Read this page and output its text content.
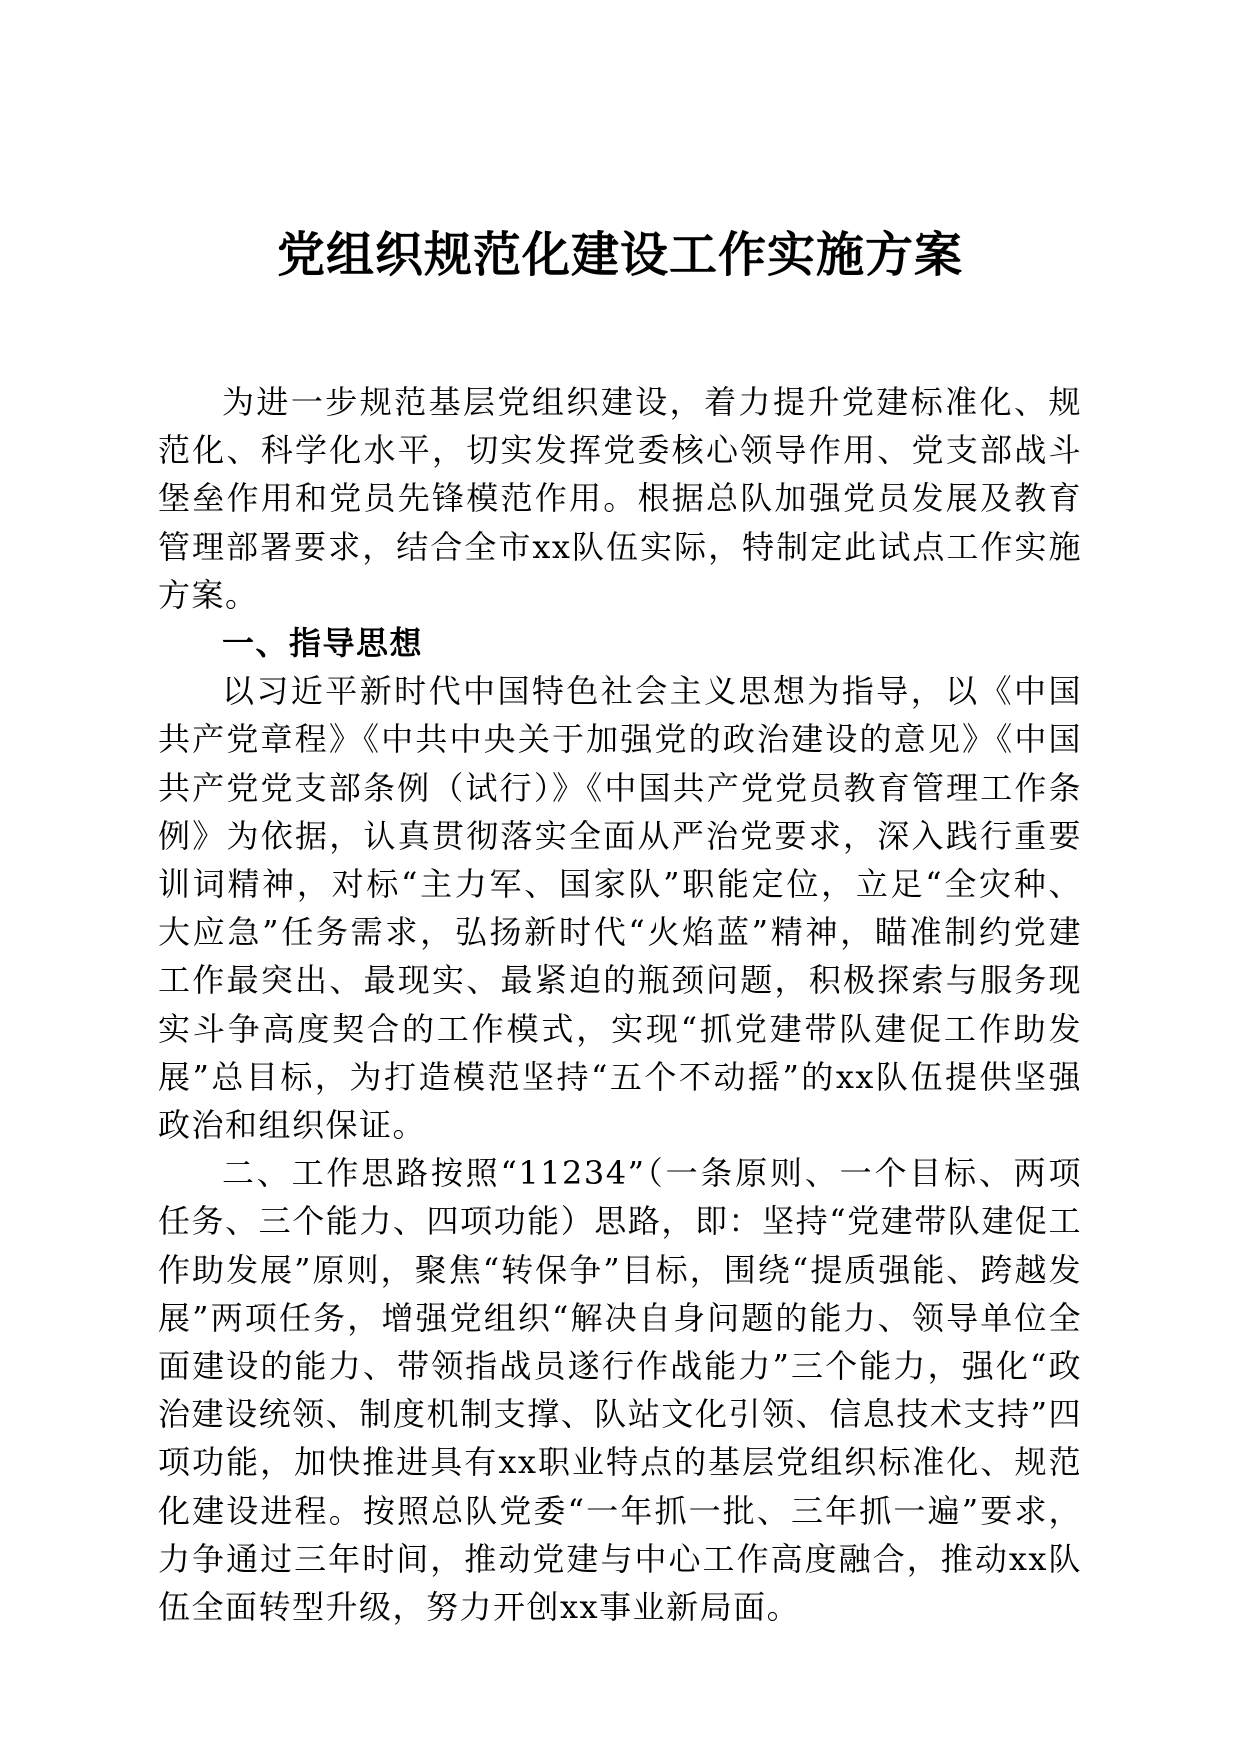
党组织规范化建设工作实施方案

为进一步规范基层党组织建设，着力提升党建标准化、规范化、科学化水平，切实发挥党委核心领导作用、党支部战斗堡垒作用和党员先锋模范作用。根据总队加强党员发展及教育管理部署要求，结合全市xx队伍实际，特制定此试点工作实施方案。

一、指导思想

以习近平新时代中国特色社会主义思想为指导，以《中国共产党章程》《中共中央关于加强党的政治建设的意见》《中国共产党党支部条例（试行）》《中国共产党党员教育管理工作条例》为依据，认真贯彻落实全面从严治党要求，深入践行重要训词精神，对标“主力军、国家队”职能定位，立足“全灾种、大应急”任务需求，弘扬新时代“火焰蓝”精神，瞄准制约党建工作最突出、最现实、最紧迫的瓶颈问题，积极探索与服务现实斗争高度契合的工作模式，实现“抓党建带队建促工作助发展”总目标，为打造模范坚持“五个不动摇”的xx队伍提供坚强政治和组织保证。

二、工作思路按照“11234”（一条原则、一个目标、两项任务、三个能力、四项功能）思路，即：坚持“党建带队建促工作助发展”原则，聚焦“转保争”目标，围绕“提质强能、跨越发展”两项任务，增强党组织“解决自身问题的能力、领导单位全面建设的能力、带领指战员遂行作战能力”三个能力，强化“政治建设统领、制度机制支撑、队站文化引领、信息技术支持”四项功能，加快推进具有xx职业特点的基层党组织标准化、规范化建设进程。按照总队党委“一年抓一批、三年抓一遍”要求，力争通过三年时间，推动党建与中心工作高度融合，推动xx队伍全面转型升级，努力开创xx事业新局面。
